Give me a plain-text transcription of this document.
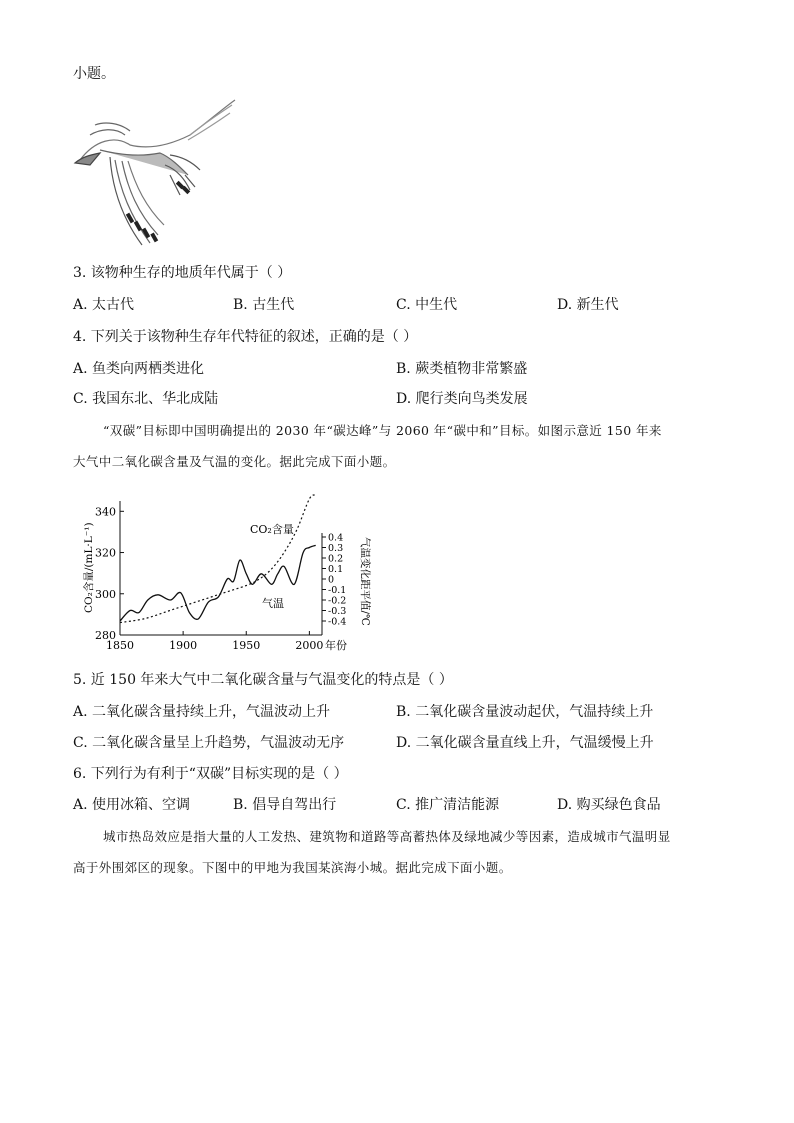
小题。
3. 该物种生存的地质年代属于（ ）
A. 太古代	B. 古生代	C. 中生代	D. 新生代
4. 下列关于该物种生存年代特征的叙述，正确的是（ ）
A. 鱼类向两栖类进化	B. 蕨类植物非常繁盛
C. 我国东北、华北成陆	D. 爬行类向鸟类发展
“双碳”目标即中国明确提出的 2030 年“碳达峰”与 2060 年“碳中和”目标。如图示意近 150 年来
大气中二氧化碳含量及气温的变化。据此完成下面小题。
280
300
320
340
0.4
0.3
0.2
0.1
0
-0.1
-0.2
-0.3
-0.4
1850	1900	1950	2000
CO₂含量
气温
CO₂含量/(mL·L⁻¹)	气温变化距平值/℃
年份
5. 近 150 年来大气中二氧化碳含量与气温变化的特点是（ ）
A. 二氧化碳含量持续上升，气温波动上升	B. 二氧化碳含量波动起伏，气温持续上升
C. 二氧化碳含量呈上升趋势，气温波动无序	D. 二氧化碳含量直线上升，气温缓慢上升
6. 下列行为有利于“双碳”目标实现的是（ ）
A. 使用冰箱、空调	B. 倡导自驾出行	C. 推广清洁能源	D. 购买绿色食品
城市热岛效应是指大量的人工发热、建筑物和道路等高蓄热体及绿地减少等因素，造成城市气温明显
高于外围郊区的现象。下图中的甲地为我国某滨海小城。据此完成下面小题。
